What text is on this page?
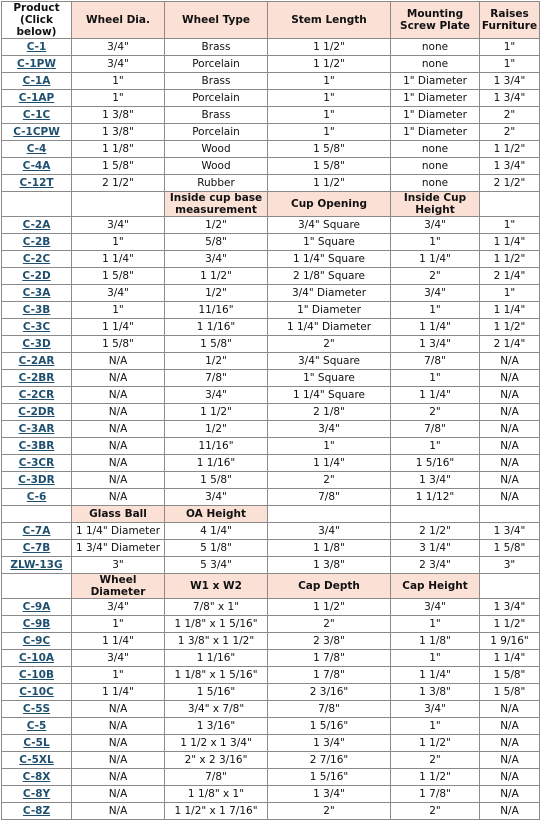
Product (Click below)	Wheel Dia.	Wheel Type	Stem Length	Mounting Screw Plate	Raises Furniture
C-1	3/4"	Brass	1 1/2"	none	1"
C-1PW	3/4"	Porcelain	1 1/2"	none	1"
C-1A	1"	Brass	1"	1" Diameter	1 3/4"
C-1AP	1"	Porcelain	1"	1" Diameter	1 3/4"
C-1C	1 3/8"	Brass	1"	1" Diameter	2"
C-1CPW	1 3/8"	Porcelain	1"	1" Diameter	2"
C-4	1 1/8"	Wood	1 5/8"	none	1 1/2"
C-4A	1 5/8"	Wood	1 5/8"	none	1 3/4"
C-12T	2 1/2"	Rubber	1 1/2"	none	2 1/2"
		Inside cup base measurement	Cup Opening	Inside Cup Height	
C-2A	3/4"	1/2"	3/4" Square	3/4"	1"
C-2B	1"	5/8"	1" Square	1"	1 1/4"
C-2C	1 1/4"	3/4"	1 1/4" Square	1 1/4"	1 1/2"
C-2D	1 5/8"	1 1/2"	2 1/8" Square	2"	2 1/4"
C-3A	3/4"	1/2"	3/4" Diameter	3/4"	1"
C-3B	1"	11/16"	1" Diameter	1"	1 1/4"
C-3C	1 1/4"	1 1/16"	1 1/4" Diameter	1 1/4"	1 1/2"
C-3D	1 5/8"	1 5/8"	2"	1 3/4"	2 1/4"
C-2AR	N/A	1/2"	3/4" Square	7/8"	N/A
C-2BR	N/A	7/8"	1" Square	1"	N/A
C-2CR	N/A	3/4"	1 1/4" Square	1 1/4"	N/A
C-2DR	N/A	1 1/2"	2 1/8"	2"	N/A
C-3AR	N/A	1/2"	3/4"	7/8"	N/A
C-3BR	N/A	11/16"	1"	1"	N/A
C-3CR	N/A	1 1/16"	1 1/4"	1 5/16"	N/A
C-3DR	N/A	1 5/8"	2"	1 3/4"	N/A
C-6	N/A	3/4"	7/8"	1 1/12"	N/A
	Glass Ball	OA Height			
C-7A	1 1/4" Diameter	4 1/4"	3/4"	2 1/2"	1 3/4"
C-7B	1 3/4" Diameter	5 1/8"	1 1/8"	3 1/4"	1 5/8"
ZLW-13G	3"	5 3/4"	1 3/8"	2 3/4"	3"
	Wheel Diameter	W1 x W2	Cap Depth	Cap Height	
C-9A	3/4"	7/8" x 1"	1 1/2"	3/4"	1 3/4"
C-9B	1"	1 1/8" x 1 5/16"	2"	1"	1 1/2"
C-9C	1 1/4"	1 3/8" x 1 1/2"	2 3/8"	1 1/8"	1 9/16"
C-10A	3/4"	1 1/16"	1 7/8"	1"	1 1/4"
C-10B	1"	1 1/8" x 1 5/16"	1 7/8"	1 1/4"	1 5/8"
C-10C	1 1/4"	1 5/16"	2 3/16"	1 3/8"	1 5/8"
C-5S	N/A	3/4" x 7/8"	7/8"	3/4"	N/A
C-5	N/A	1 3/16"	1 5/16"	1"	N/A
C-5L	N/A	1 1/2 x 1 3/4"	1 3/4"	1 1/2"	N/A
C-5XL	N/A	2" x 2 3/16"	2 7/16"	2"	N/A
C-8X	N/A	7/8"	1 5/16"	1 1/2"	N/A
C-8Y	N/A	1 1/8" x 1"	1 3/4"	1 7/8"	N/A
C-8Z	N/A	1 1/2" x 1 7/16"	2"	2"	N/A
